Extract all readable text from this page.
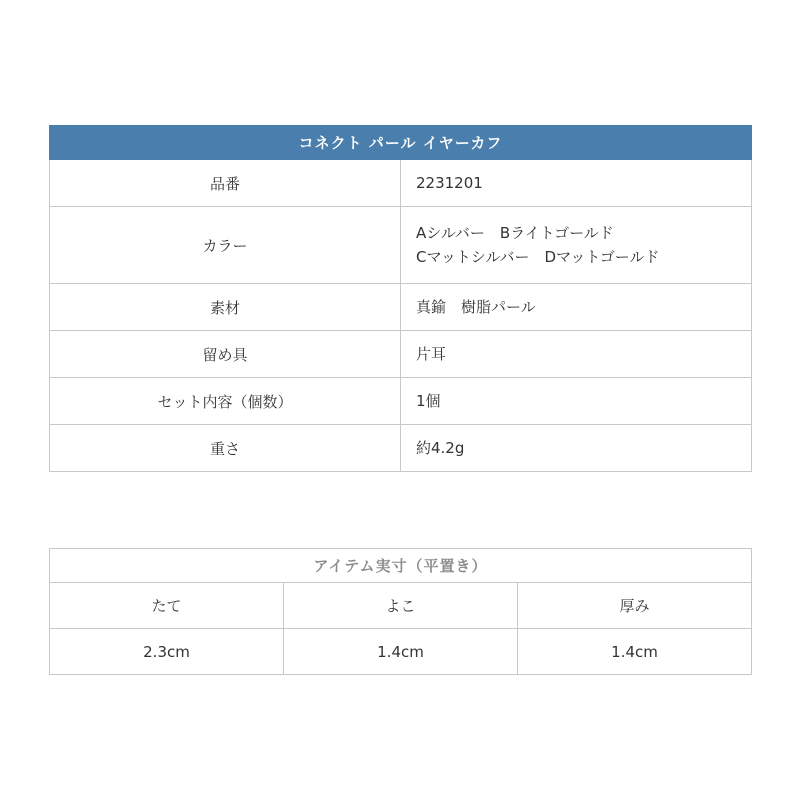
コネクト パール イヤーカフ	
品番	2231201

カラー	Aシルバー　Bライトゴールド
Cマットシルバー　Dマットゴールド

素材	真鍮　樹脂パール

留め具	片耳

セット内容（個数）	1個

重さ	約4.2g
アイテム実寸（平置き）		
たて	よこ	厚み
2.3cm	1.4cm	1.4cm
